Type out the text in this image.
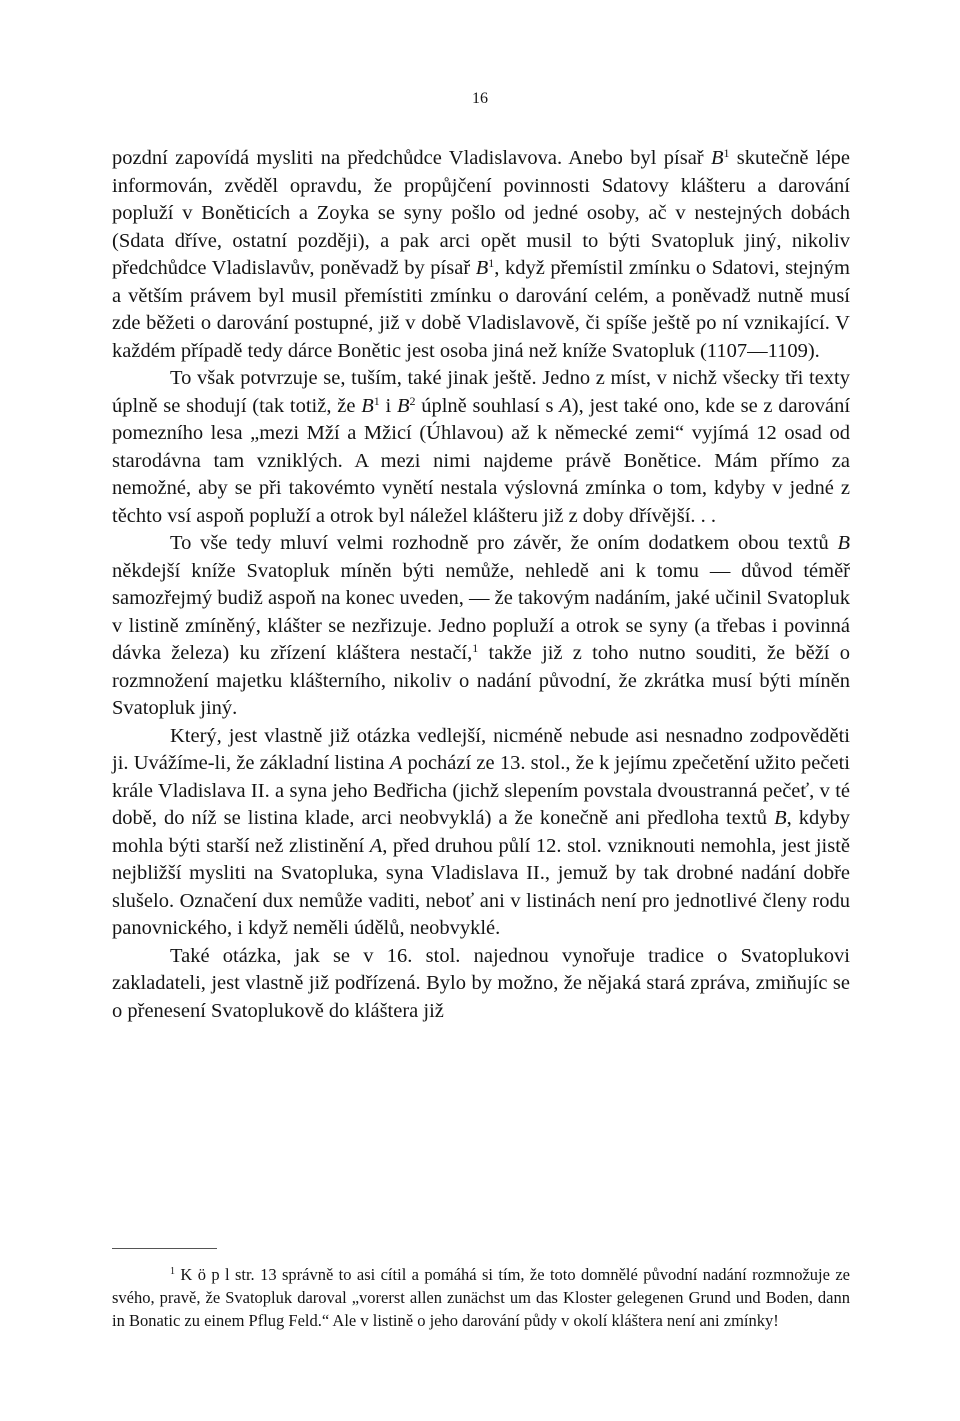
16

pozdní zapovídá mysliti na předchůdce Vladislavova. Anebo byl písař $B^1$ skutečně lépe informován, zvěděl opravdu, že propůjčení povinnosti Sdatovy klášteru a darování popluží v Boněticích a Zoyka se syny pošlo od jedné osoby, ač v nestejných dobách (Sdata dříve, ostatní později), a pak arci opět musil to býti Svatopluk jiný, nikoliv předchůdce Vladislavův, poněvadž by písař $B^1$, když přemístil zmínku o Sdatovi, stejným a větším právem byl musil přemístiti zmínku o darování celém, a poněvadž nutně musí zde běžeti o darování postupné, již v době Vladislavově, či spíše ještě po ní vznikající. V každém případě tedy dárce Bonětic jest osoba jiná než kníže Svatopluk (1107—1109).

To však potvrzuje se, tuším, také jinak ještě. Jedno z míst, v nichž všecky tři texty úplně se shodují (tak totiž, že $B^1$ i $B^2$ úplně souhlasí s A), jest také ono, kde se z darování pomezního lesa „mezi Mží a Mžicí (Úhlavou) až k německé zemi“ vyjímá 12 osad od starodávna tam vzniklých. A mezi nimi najdeme právě Bonětice. Mám přímo za nemožné, aby se při takovémto vynětí nestala výslovná zmínka o tom, kdyby v jedné z těchto vsí aspoň popluží a otrok byl náležel klášteru již z doby dřívější. . .

To vše tedy mluví velmi rozhodně pro závěr, že oním dodatkem obou textů B někdejší kníže Svatopluk míněn býti nemůže, nehledě ani k tomu — důvod téměř samozřejmý budiž aspoň na konec uveden, — že takovým nadáním, jaké učinil Svatopluk v listině zmíněný, klášter se nezřizuje. Jedno popluží a otrok se syny (a třebas i povinná dávka železa) ku zřízení kláštera nestačí,$^1$ takže již z toho nutno souditi, že běží o rozmnožení majetku klášterního, nikoliv o nadání původní, že zkrátka musí býti míněn Svatopluk jiný.

Který, jest vlastně již otázka vedlejší, nicméně nebude asi nesnadno zodpověděti ji. Uvážíme-li, že základní listina A pochází ze 13. stol., že k jejímu zpečetění užito pečeti krále Vladislava II. a syna jeho Bedřicha (jichž slepením povstala dvoustranná pečeť, v té době, do níž se listina klade, arci neobvyklá) a že konečně ani předloha textů B, kdyby mohla býti starší než zlistinění A, před druhou půlí 12. stol. vzniknouti nemohla, jest jistě nejbližší mysliti na Svatopluka, syna Vladislava II., jemuž by tak drobné nadání dobře slušelo. Označení dux nemůže vaditi, neboť ani v listinách není pro jednotlivé členy rodu panovnického, i když neměli údělů, neobvyklé.

Také otázka, jak se v 16. stol. najednou vynořuje tradice o Svatoplukovi zakladateli, jest vlastně již podřízená. Bylo by možno, že nějaká stará zpráva, zmiňujíc se o přenesení Svatoplukově do kláštera již

$^1$ K ö p l str. 13 správně to asi cítil a pomáhá si tím, že toto domnělé původní nadání rozmnožuje ze svého, pravě, že Svatopluk daroval „vorerst allen zunächst um das Kloster gelegenen Grund und Boden, dann in Bonatic zu einem Pflug Feld.“ Ale v listině o jeho darování půdy v okolí kláštera není ani zmínky!
